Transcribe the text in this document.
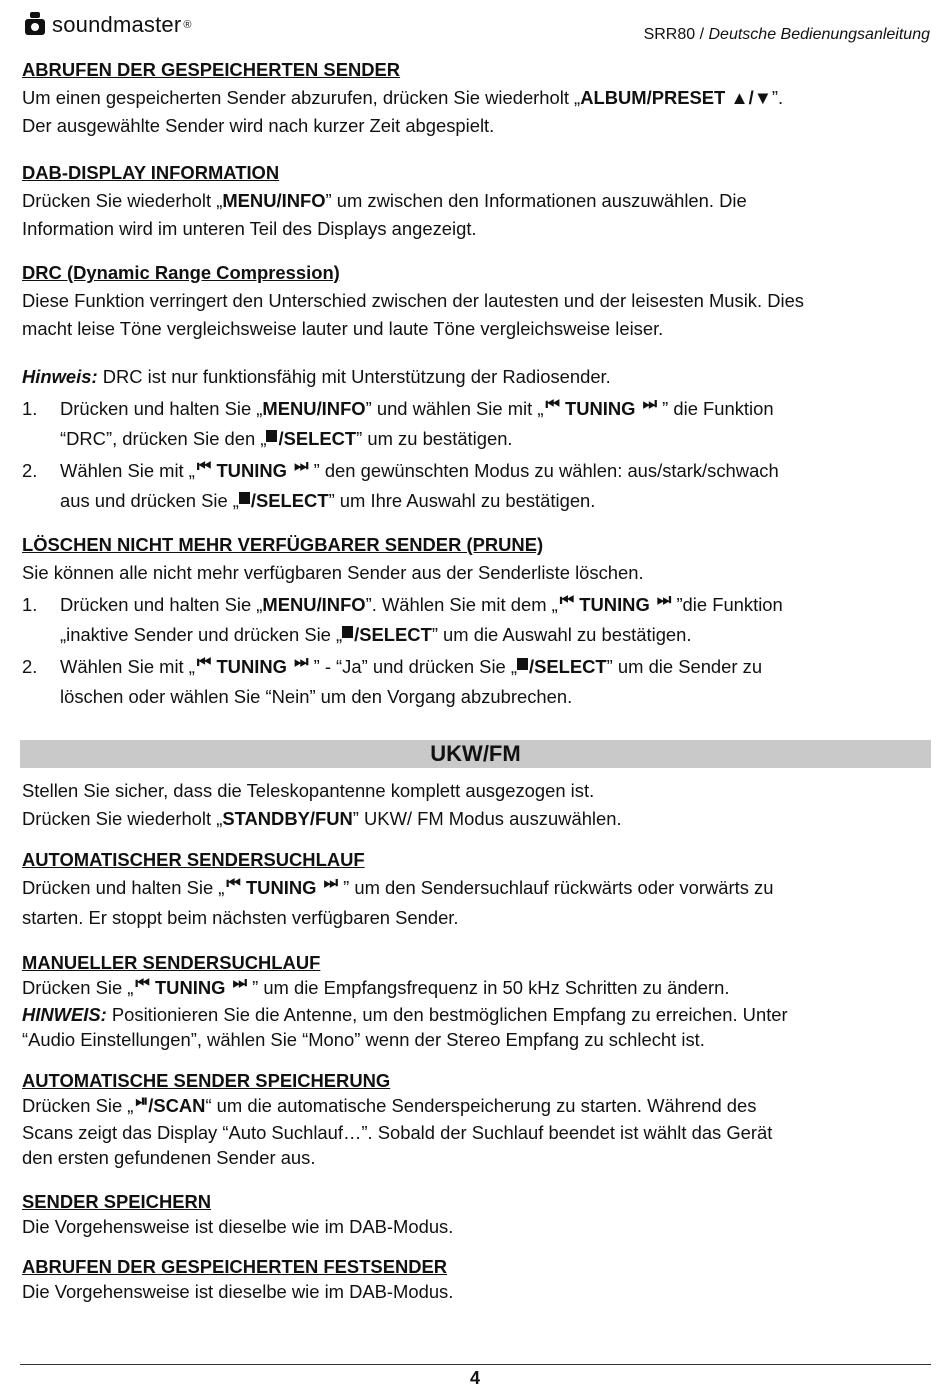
soundmaster ®
SRR80 / Deutsche Bedienungsanleitung
ABRUFEN DER GESPEICHERTEN SENDER
Um einen gespeicherten Sender abzurufen, drücken Sie wiederholt „ALBUM/PRESET ▲/▼”.
Der ausgewählte Sender wird nach kurzer Zeit abgespielt.
DAB-DISPLAY INFORMATION
Drücken Sie wiederholt „MENU/INFO” um zwischen den Informationen auszuwählen. Die
Information wird im unteren Teil des Displays angezeigt.
DRC (Dynamic Range Compression)
Diese Funktion verringert den Unterschied zwischen der lautesten und der leisesten Musik. Dies
macht leise Töne vergleichsweise lauter und laute Töne vergleichsweise leiser.
Hinweis: DRC ist nur funktionsfähig mit Unterstützung der Radiosender.
1. Drücken und halten Sie „MENU/INFO” und wählen Sie mit „ ⏮ TUNING ⏭ ” die Funktion
“DRC”, drücken Sie den „ /SELECT” um zu bestätigen.
2. Wählen Sie mit „ ⏮ TUNING ⏭ ” den gewünschten Modus zu wählen: aus/stark/schwach
aus und drücken Sie „ /SELECT” um Ihre Auswahl zu bestätigen.
LÖSCHEN NICHT MEHR VERFÜGBARER SENDER (PRUNE)
Sie können alle nicht mehr verfügbaren Sender aus der Senderliste löschen.
1. Drücken und halten Sie „MENU/INFO”. Wählen Sie mit dem „ ⏮ TUNING ⏭ ”die Funktion
„inaktive Sender und drücken Sie „ /SELECT” um die Auswahl zu bestätigen.
2. Wählen Sie mit „ ⏮ TUNING ⏭ ” - “Ja” und drücken Sie „ /SELECT” um die Sender zu
löschen oder wählen Sie “Nein” um den Vorgang abzubrechen.
UKW/FM
Stellen Sie sicher, dass die Teleskopantenne komplett ausgezogen ist.
Drücken Sie wiederholt „STANDBY/FUN” UKW/ FM Modus auszuwählen.
AUTOMATISCHER SENDERSUCHLAUF
Drücken und halten Sie „ ⏮ TUNING ⏭ ” um den Sendersuchlauf rückwärts oder vorwärts zu
starten. Er stoppt beim nächsten verfügbaren Sender.
MANUELLER SENDERSUCHLAUF
Drücken Sie „ ⏮ TUNING ⏭ ” um die Empfangsfrequenz in 50 kHz Schritten zu ändern.
HINWEIS: Positionieren Sie die Antenne, um den bestmöglichen Empfang zu erreichen. Unter
“Audio Einstellungen”, wählen Sie “Mono” wenn der Stereo Empfang zu schlecht ist.
AUTOMATISCHE SENDER SPEICHERUNG
Drücken Sie „ ⏯ /SCAN“ um die automatische Senderspeicherung zu starten. Während des
Scans zeigt das Display “Auto Suchlauf…”. Sobald der Suchlauf beendet ist wählt das Gerät
den ersten gefundenen Sender aus.
SENDER SPEICHERN
Die Vorgehensweise ist dieselbe wie im DAB-Modus.
ABRUFEN DER GESPEICHERTEN FESTSENDER
Die Vorgehensweise ist dieselbe wie im DAB-Modus.
4
